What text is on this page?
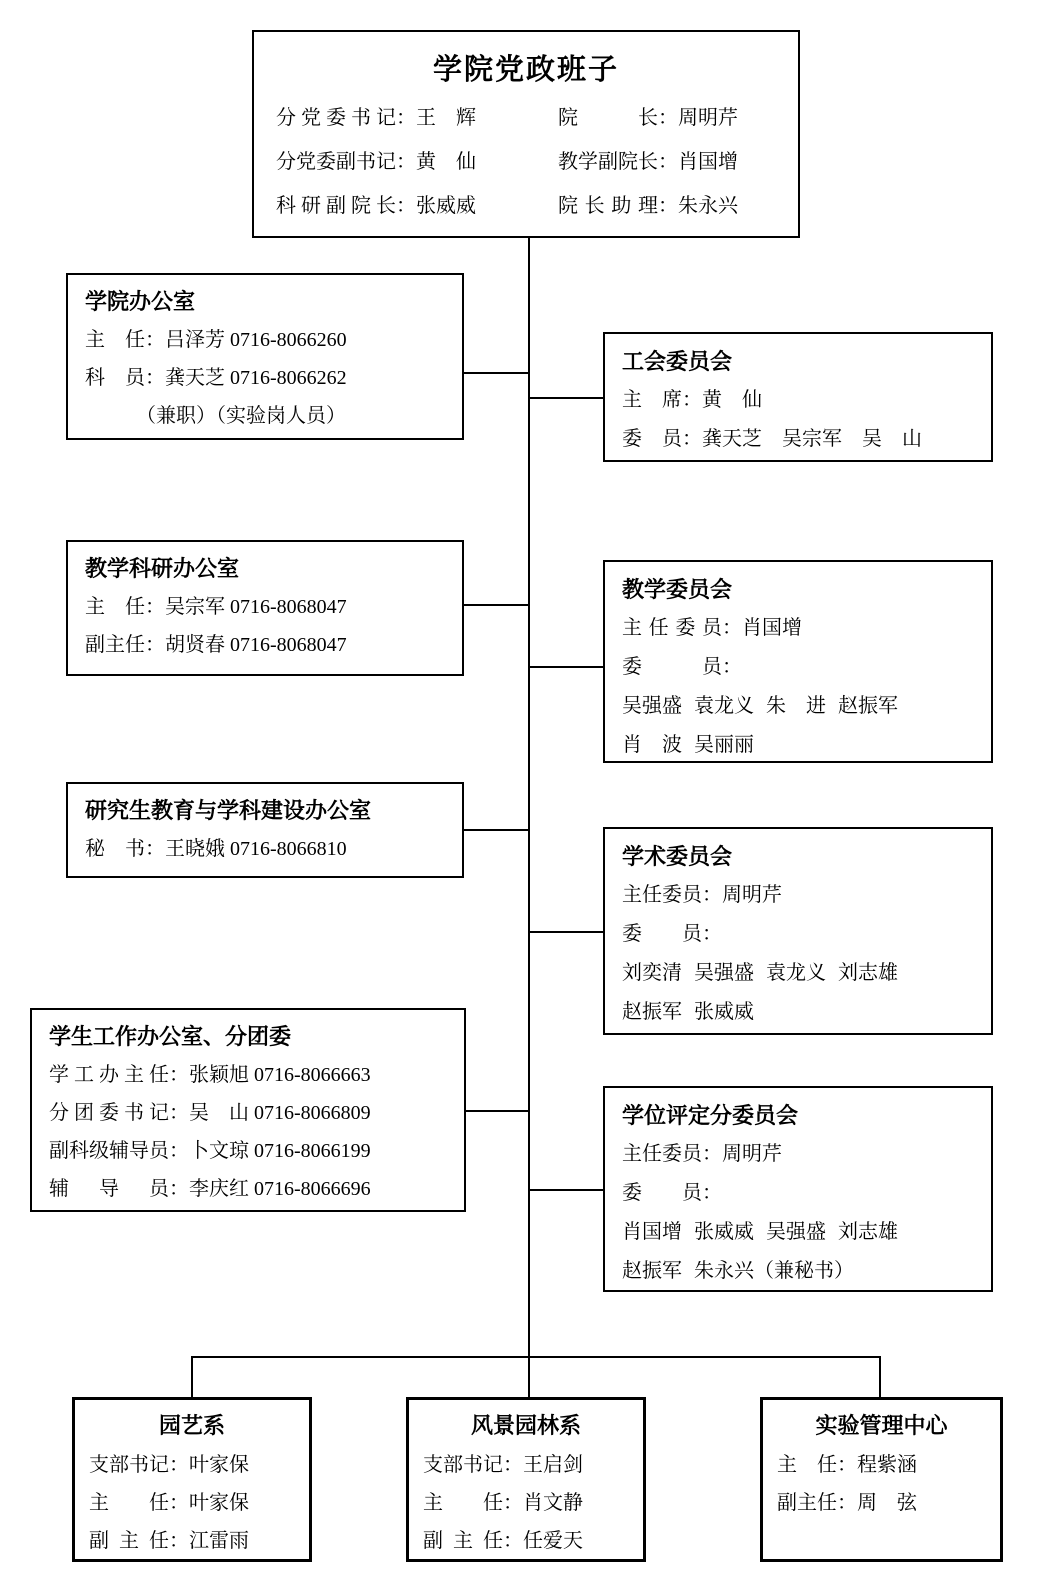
学院党政班子
分党委书记：王　辉	院长：周明芹
分党委副书记：黄　仙	教学副院长：肖国增
科研副院长：张威威	院长助理：朱永兴
学院办公室
主任：吕泽芳 0716-8066260
科员：龚天芝 0716-8066262
（兼职）（实验岗人员）
教学科研办公室
主任：吴宗军 0716-8068047
副主任：胡贤春 0716-8068047
研究生教育与学科建设办公室
秘书：王晓娥 0716-8066810
学生工作办公室、分团委
学工办主任：张颖旭 0716-8066663
分团委书记：吴　山 0716-8066809
副科级辅导员：卜文琼 0716-8066199
辅导员：李庆红 0716-8066696
工会委员会
主席：黄　仙
委员：龚天芝　吴宗军　吴　山
教学委员会
主任委员：肖国增
委员：
吴强盛 袁龙义 朱　进 赵振军
肖　波 吴丽丽
学术委员会
主任委员：周明芹
委员：
刘奕清 吴强盛 袁龙义 刘志雄
赵振军 张威威
学位评定分委员会
主任委员：周明芹
委员：
肖国增 张威威 吴强盛 刘志雄
赵振军 朱永兴（兼秘书）
园艺系
支部书记：叶家保
主任：叶家保
副主任：江雷雨
风景园林系
支部书记：王启剑
主任：肖文静
副主任：任爱天
实验管理中心
主任：程紫涵
副主任：周　弦
